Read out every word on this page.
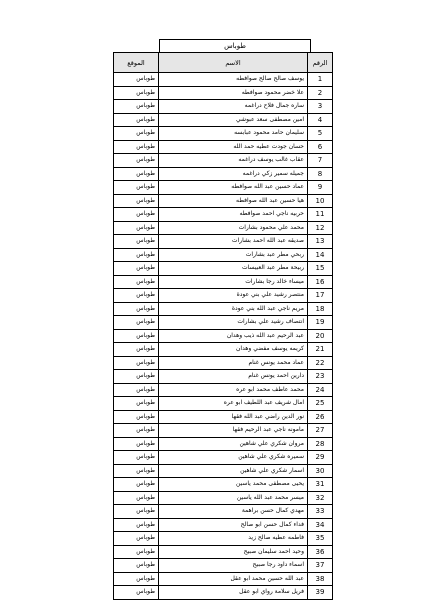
طوباس
الرقم	الاسم	الموقع
1	يوسف صالح صالح صوافطه	طوباس
2	علا خضر محمود صوافطه	طوباس
3	ساره جمال فلاح دراغمه	طوباس
4	امين مصطفى سعد عبوشي	طوباس
5	سليمان حامد محمود عبابسه	طوباس
6	حسان جودت عطيه حمد الله	طوباس
7	عقاب غالب يوسف دراغمه	طوباس
8	جميله سمير زكي دراغمه	طوباس
9	عماد حسين عبد الله صوافطه	طوباس
10	هيا حسين عبد الله صوافطه	طوباس
11	حربيه ناجي احمد صوافطه	طوباس
12	محمد علي محمود بشارات	طوباس
13	صديقه عبد الله احمد بشارات	طوباس
14	ربحي مطر عبد بشارات	طوباس
15	ربيحة مطر عبد العبيسات	طوباس
16	ميساء خالد رجا بشارات	طوباس
17	منتصر رشيد علي بني عودة	طوباس
18	مريم ناجي عبد الله بني عودة	طوباس
19	انتصاف رشيد علي بشارات	طوباس
20	عبد الرحيم عبد الله ذيب وهدان	طوباس
21	كريمه يوسف مفضي وهدان	طوباس
22	عماد محمد يونس غنام	طوباس
23	دارين احمد يونس غنام	طوباس
24	محمد عاطف محمد ابو عره	طوباس
25	امال شريف عبد اللطيف ابو عره	طوباس
26	نور الدين راضي عبد الله فقها	طوباس
27	مامونه ناجي عبد الرحيم فقها	طوباس
28	مروان شكري علي شاهين	طوباس
29	سميره شكري علي شاهين	طوباس
30	اسمار شكري علي شاهين	طوباس
31	يحيى مصطفى محمد ياسين	طوباس
32	ميسر محمد عبد الله ياسين	طوباس
33	مهدي كمال حسن براهمة	طوباس
34	فداء كمال حسن ابو صالح	طوباس
35	فاطمه عطيه صالح زيد	طوباس
36	وحيد احمد سليمان صبيح	طوباس
37	اسماء داود رجا صبيح	طوباس
38	عبد الله حسين محمد ابو عقل	طوباس
39	فريل سلامة رواي ابو عقل	طوباس
